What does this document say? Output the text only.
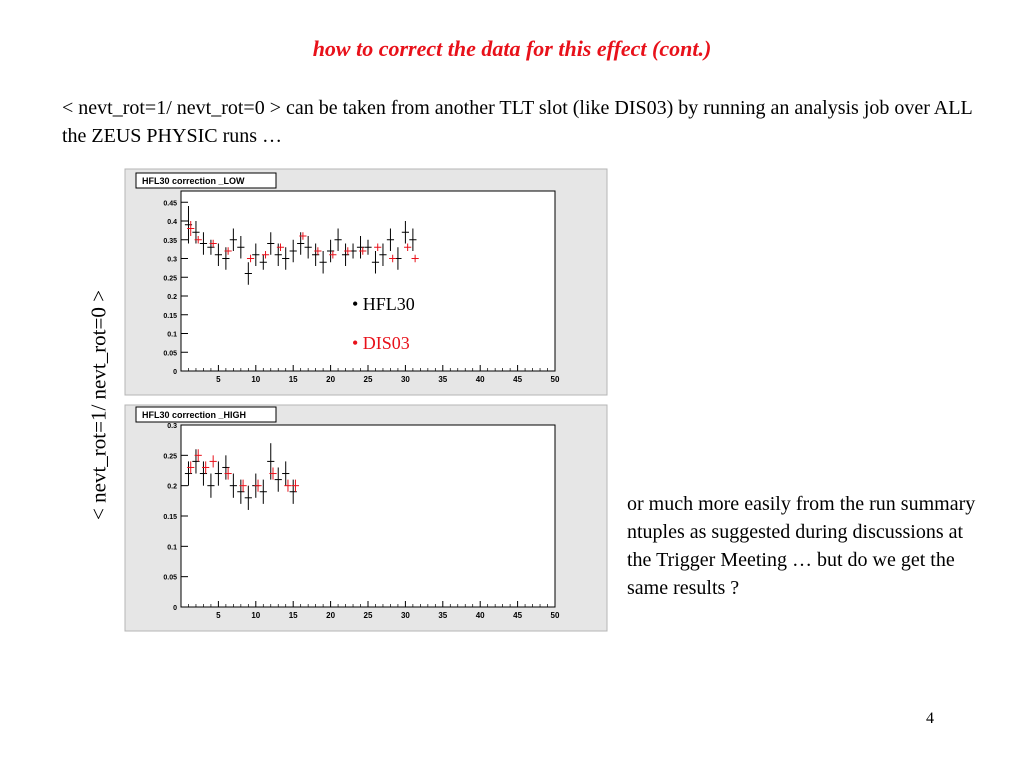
how to correct the data for this effect (cont.)
< nevt_rot=1/ nevt_rot=0 > can be taken from another TLT slot (like DIS03) by running an analysis job over ALL the ZEUS PHYSIC runs …
< nevt_rot=1/ nevt_rot=0 >
HFL30 correction _LOW
5	10	15	20	25	30	35	40	45	50
0
0.05
0.1
0.15
0.2
0.25
0.3
0.35
0.4
0.45
HFL30 correction _HIGH
5	10	15	20	25	30	35	40	45	50
0
0.05
0.1
0.15
0.2
0.25
0.3
• HFL30
• DIS03
or much more easily from the run summary ntuples as suggested during discussions at the Trigger Meeting … but do we get the same results ?
4
